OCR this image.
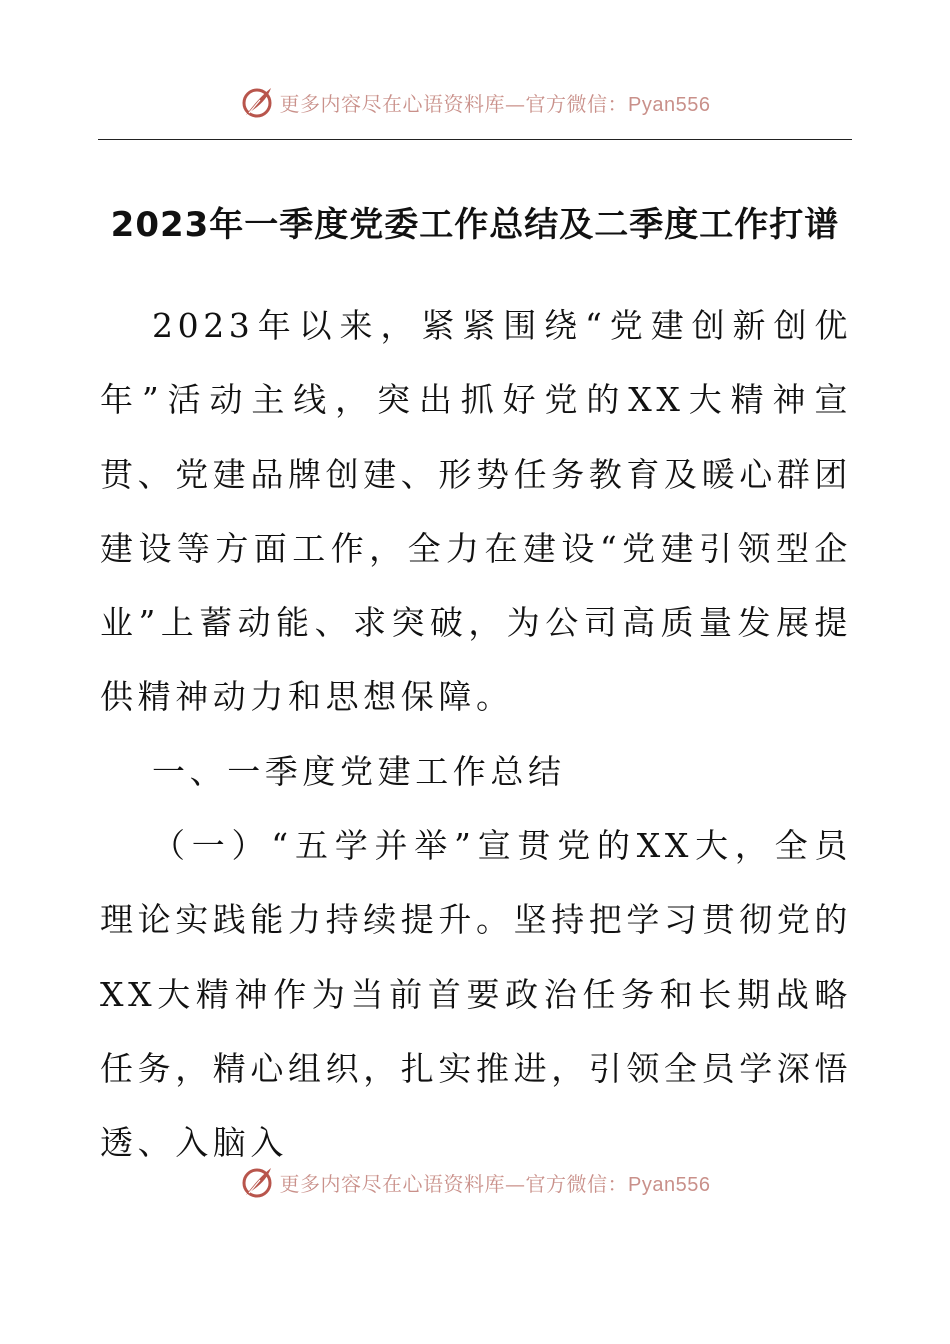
更多内容尽在心语资料库—官方微信：Pyan556
2023年一季度党委工作总结及二季度工作打谱
2023年以来，紧紧围绕“党建创新创优年”活动主线，突出抓好党的XX大精神宣贯、党建品牌创建、形势任务教育及暖心群团建设等方面工作，全力在建设“党建引领型企业”上蓄动能、求突破，为公司高质量发展提供精神动力和思想保障。
一、一季度党建工作总结
（一）“五学并举”宣贯党的XX大，全员理论实践能力持续提升。坚持把学习贯彻党的XX大精神作为当前首要政治任务和长期战略任务，精心组织，扎实推进，引领全员学深悟透、入脑入
更多内容尽在心语资料库—官方微信：Pyan556
